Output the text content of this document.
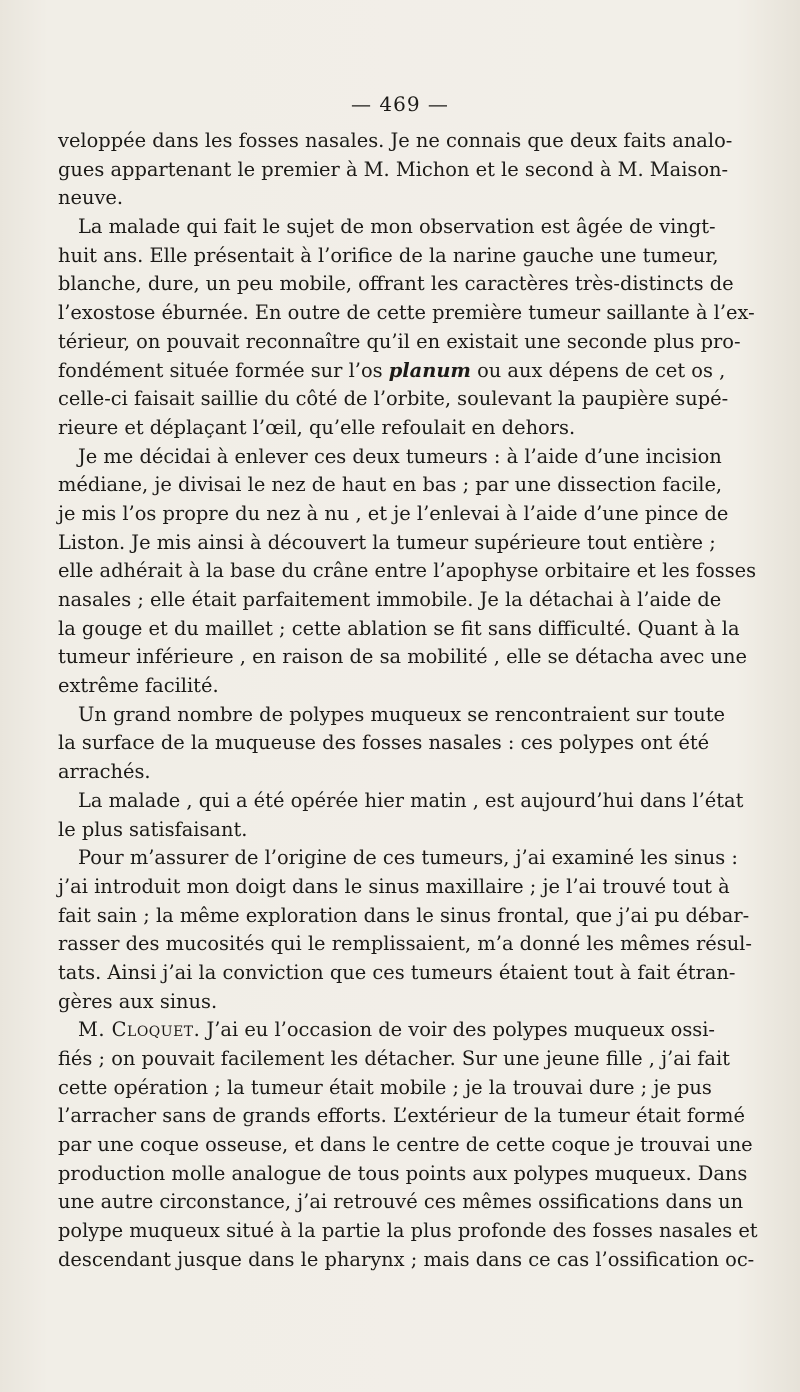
— 469 —
veloppée dans les fosses nasales. Je ne connais que deux faits analo-
gues appartenant le premier à M. Michon et le second à M. Maison-
neuve.
La malade qui fait le sujet de mon observation est âgée de vingt-
huit ans. Elle présentait à l’orifice de la narine gauche une tumeur,
blanche, dure, un peu mobile, offrant les caractères très-distincts de
l’exostose éburnée. En outre de cette première tumeur saillante à l’ex-
térieur, on pouvait reconnaître qu’il en existait une seconde plus pro-
fondément située formée sur l’os planum ou aux dépens de cet os ,
celle-ci faisait saillie du côté de l’orbite, soulevant la paupière supé-
rieure et déplaçant l’œil, qu’elle refoulait en dehors.
Je me décidai à enlever ces deux tumeurs : à l’aide d’une incision
médiane, je divisai le nez de haut en bas ; par une dissection facile,
je mis l’os propre du nez à nu , et je l’enlevai à l’aide d’une pince de
Liston. Je mis ainsi à découvert la tumeur supérieure tout entière ;
elle adhérait à la base du crâne entre l’apophyse orbitaire et les fosses
nasales ; elle était parfaitement immobile. Je la détachai à l’aide de
la gouge et du maillet ; cette ablation se fit sans difficulté. Quant à la
tumeur inférieure , en raison de sa mobilité , elle se détacha avec une
extrême facilité.
Un grand nombre de polypes muqueux se rencontraient sur toute
la surface de la muqueuse des fosses nasales : ces polypes ont été
arrachés.
La malade , qui a été opérée hier matin , est aujourd’hui dans l’état
le plus satisfaisant.
Pour m’assurer de l’origine de ces tumeurs, j’ai examiné les sinus :
j’ai introduit mon doigt dans le sinus maxillaire ; je l’ai trouvé tout à
fait sain ; la même exploration dans le sinus frontal, que j’ai pu débar-
rasser des mucosités qui le remplissaient, m’a donné les mêmes résul-
tats. Ainsi j’ai la conviction que ces tumeurs étaient tout à fait étran-
gères aux sinus.
M. Cloquet. J’ai eu l’occasion de voir des polypes muqueux ossi-
fiés ; on pouvait facilement les détacher. Sur une jeune fille , j’ai fait
cette opération ; la tumeur était mobile ; je la trouvai dure ; je pus
l’arracher sans de grands efforts. L’extérieur de la tumeur était formé
par une coque osseuse, et dans le centre de cette coque je trouvai une
production molle analogue de tous points aux polypes muqueux. Dans
une autre circonstance, j’ai retrouvé ces mêmes ossifications dans un
polype muqueux situé à la partie la plus profonde des fosses nasales et
descendant jusque dans le pharynx ; mais dans ce cas l’ossification oc-
